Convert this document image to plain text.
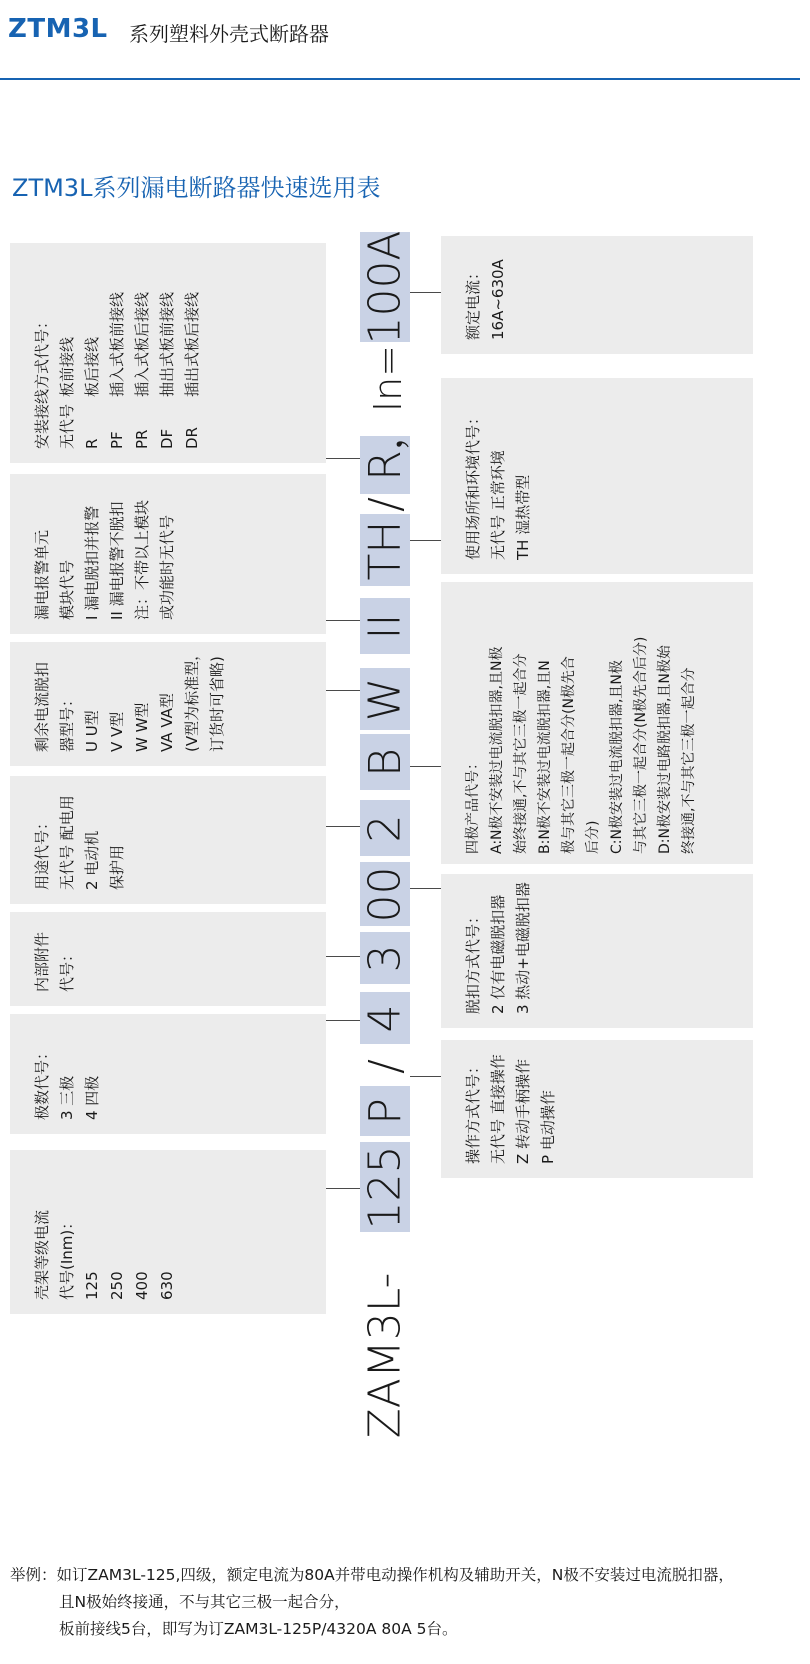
ZTM3L 系列塑料外壳式断路器
ZTM3L系列漏电断路器快速选用表
安装接线方式代号： 无代号
板前接线
R
板后接线
PF
插入式板前接线
PR
插入式板后接线
DF
抽出式板前接线
DR
插出式板后接线
漏电报警单元 模块代号 I 漏电脱扣并报警 II 漏电报警不脱扣 注：不带以上模块 或功能时无代号
剩余电流脱扣 器型号： U U型 V V型 W W型 VA VA型 (V型为标准型， 订货时可省略)
用途代号： 无代号 配电用 2 电动机 保护用
内部附件 代号：
极数代号： 3 三极 4 四极
壳架等级电流 代号(Inm)： 125 250 400 630
额定电流： 16A~630A
使用场所和环境代号： 无代号 正常环境 TH 湿热带型
四极产品代号： A:N极不安装过电流脱扣器,且N极 始终接通,不与其它三极一起合分 B:N极不安装过电流脱扣器,且N 极与其它三极一起合分(N极先合 后分) C:N极安装过电流脱扣器,且N极 与其它三极一起合分(N极先合后分) D:N极安装过电路脱扣器,且N极始 终接通,不与其它三极一起合分
脱扣方式代号： 2 仅有电磁脱扣器 3 热动+电磁脱扣器
操作方式代号： 无代号 直接操作 Z 转动手柄操作 P 电动操作
100A
，In=
R
/
TH
II
W
B
2
00
3
4
/
P
125
ZAM3L-
举例：如订ZAM3L-125,四级，额定电流为80A并带电动操作机构及辅助开关，N极不安装过电流脱扣器，
且N极始终接通，不与其它三极一起合分，
板前接线5台，即写为订ZAM3L-125P/4320A 80A 5台。
